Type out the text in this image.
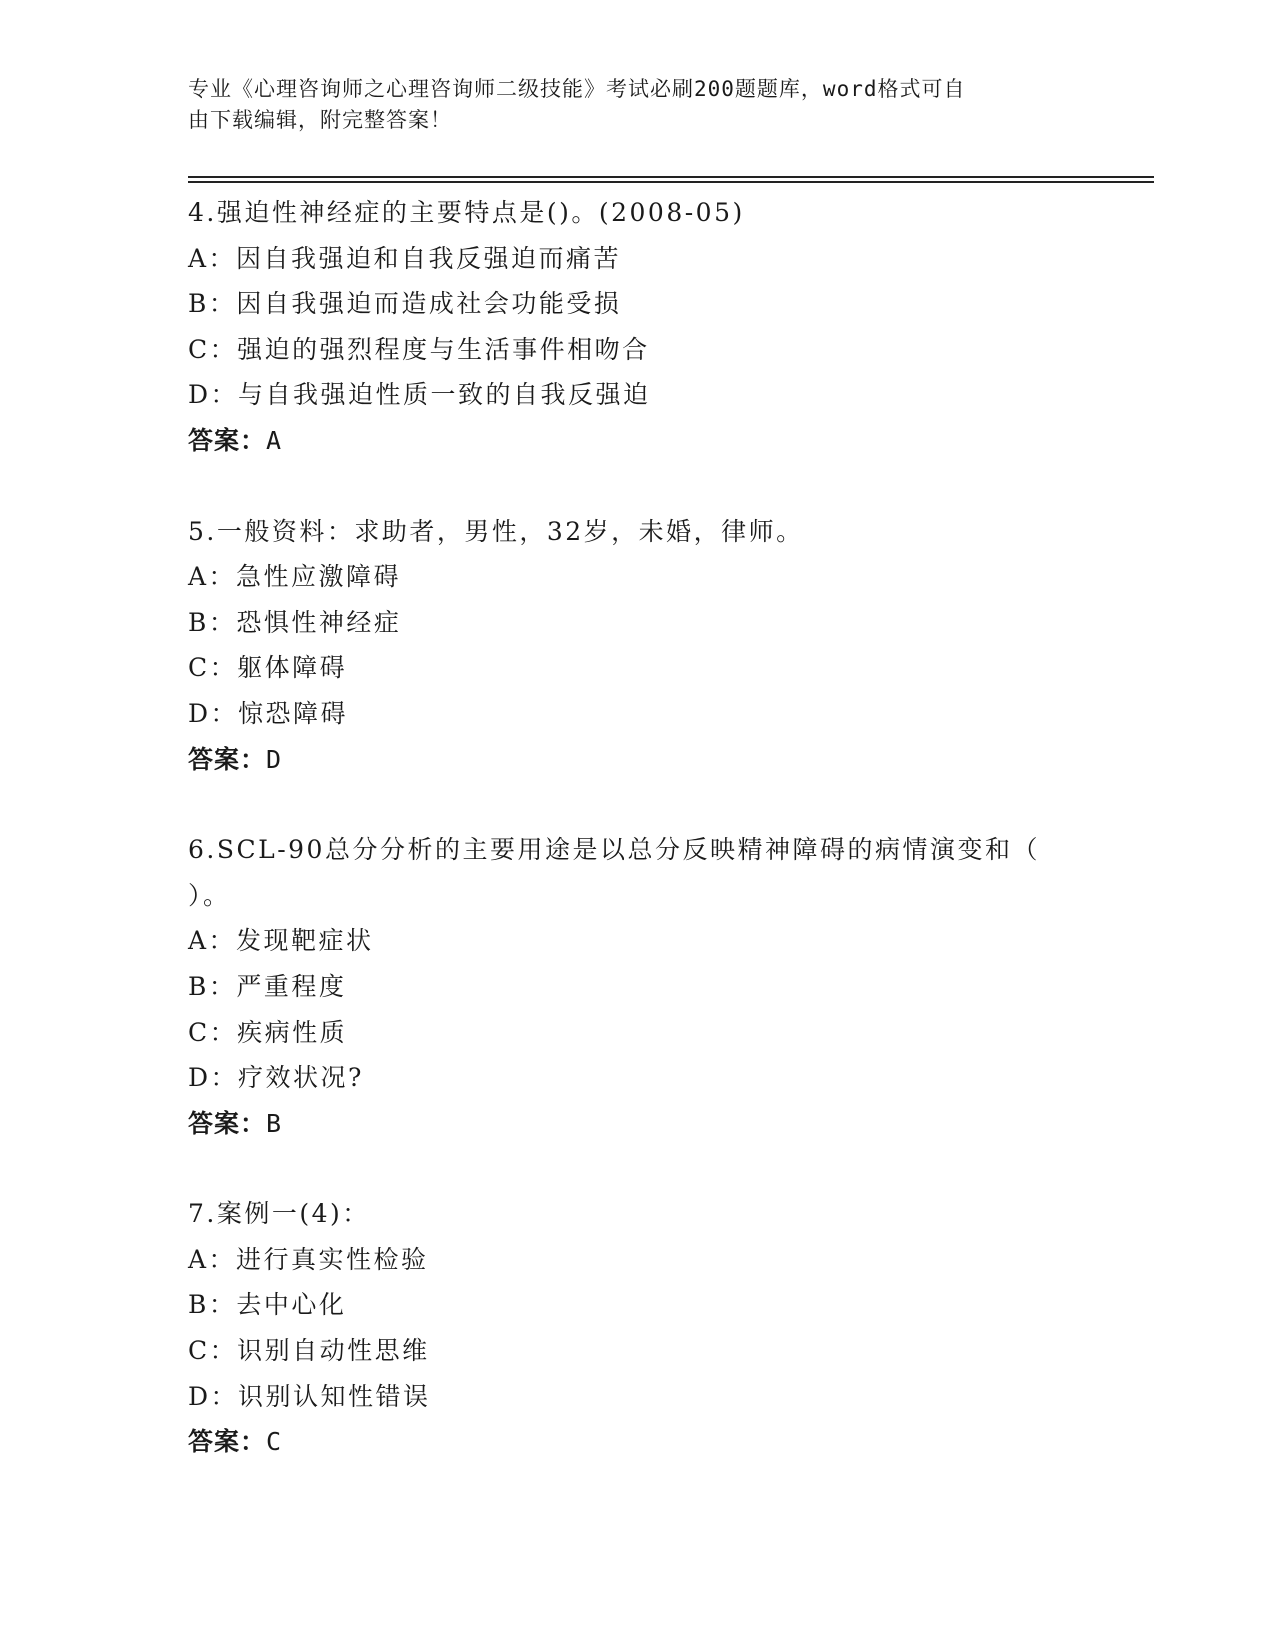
专业《心理咨询师之心理咨询师二级技能》考试必刷200题题库，word格式可自
由下载编辑，附完整答案！
4.强迫性神经症的主要特点是()。(2008-05)
A：因自我强迫和自我反强迫而痛苦
B：因自我强迫而造成社会功能受损
C：强迫的强烈程度与生活事件相吻合
D：与自我强迫性质一致的自我反强迫
答案：A
5.一般资料：求助者，男性，32岁，未婚，律师。
A：急性应激障碍
B：恐惧性神经症
C：躯体障碍
D：惊恐障碍
答案：D
6.SCL-90总分分析的主要用途是以总分反映精神障碍的病情演变和（
）。
A：发现靶症状
B：严重程度
C：疾病性质
D：疗效状况?
答案：B
7.案例一(4)：
A：进行真实性检验
B：去中心化
C：识别自动性思维
D：识别认知性错误
答案：C
